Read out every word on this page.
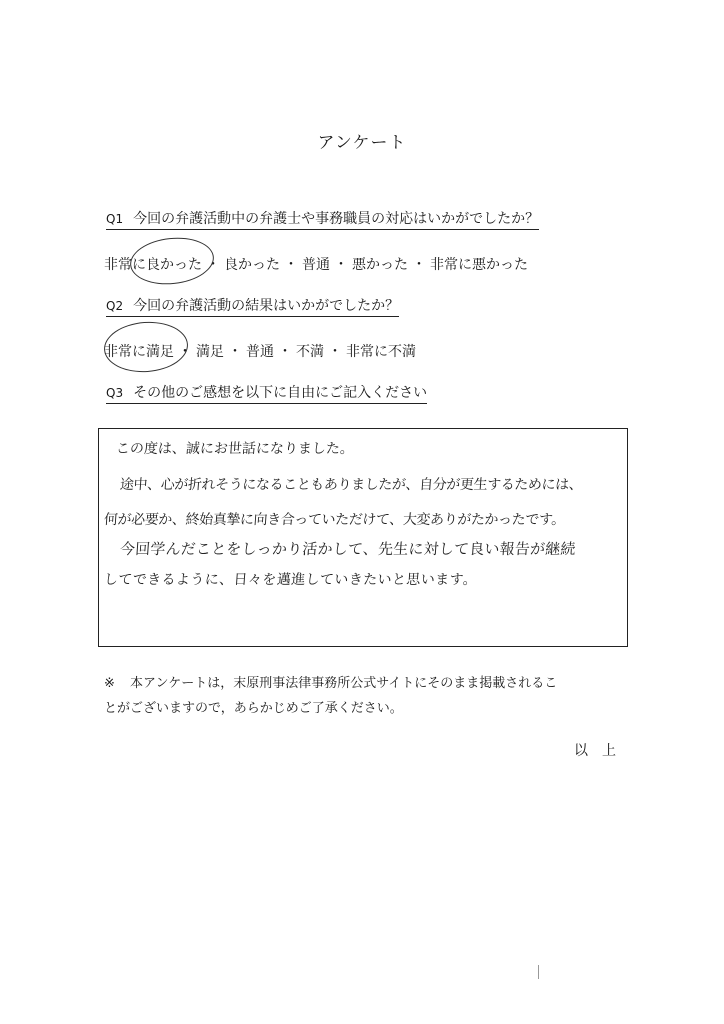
アンケート
Q1 今回の弁護活動中の弁護士や事務職員の対応はいかがでしたか？
非常に良かった ・ 良かった ・ 普通 ・ 悪かった ・ 非常に悪かった
Q2 今回の弁護活動の結果はいかがでしたか？
非常に満足 ・ 満足 ・ 普通 ・ 不満 ・ 非常に不満
Q3 その他のご感想を以下に自由にご記入ください
この度は、誠にお世話になりました。
途中、心が折れそうになることもありましたが、自分が更生するためには、
何が必要か、終始真摯に向き合っていただけて、大変ありがたかったです。
今回学んだことをしっかり活かして、先生に対して良い報告が継続
してできるように、日々を邁進していきたいと思います。
※ 本アンケートは，末原刑事法律事務所公式サイトにそのまま掲載されるこ
とがございますので，あらかじめご了承ください。
以上
